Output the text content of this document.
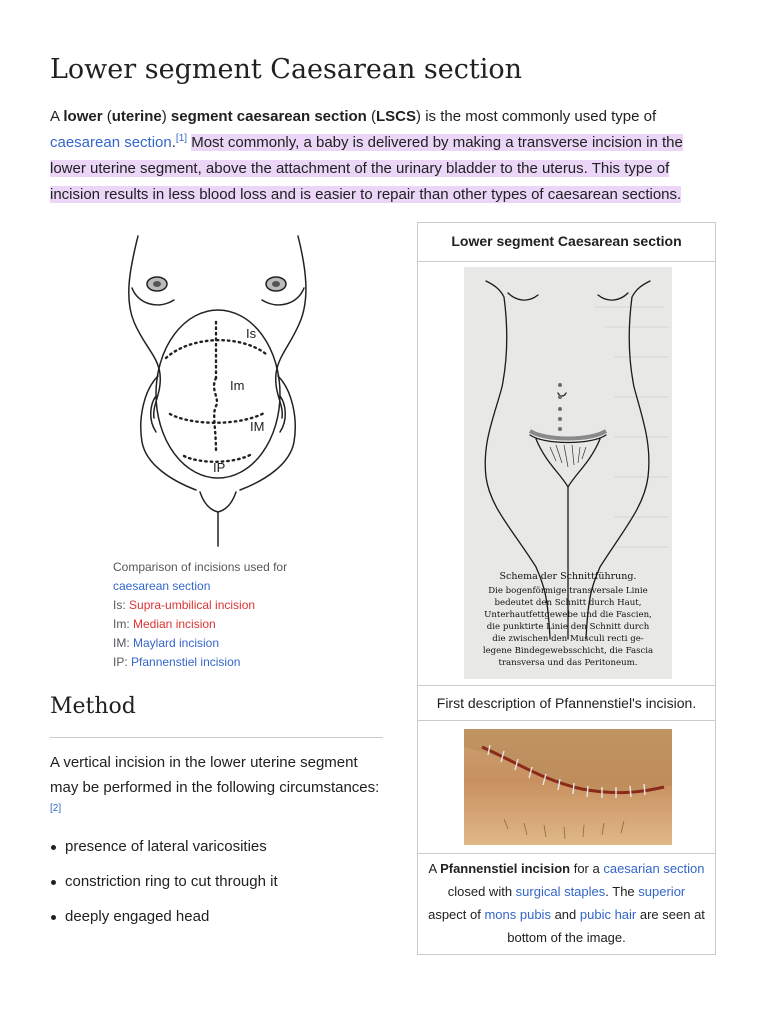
Lower segment Caesarean section

A lower (uterine) segment caesarean section (LSCS) is the most commonly used type of caesarean section.[1] Most commonly, a baby is delivered by making a transverse incision in the lower uterine segment, above the attachment of the urinary bladder to the uterus. This type of incision results in less blood loss and is easier to repair than other types of caesarean sections.

Is
Im
IM
IP
Comparison of incisions used for
caesarean section
Is: Supra-umbilical incision
Im: Median incision
IM: Maylard incision
IP: Pfannenstiel incision
Method

A vertical incision in the lower uterine segment may be performed in the following circumstances:[2]

presence of lateral varicosities
constriction ring to cut through it
deeply engaged head
Lower segment Caesarean section
Schema der Schnittführung.
Die bogenförmige transversale Linie
bedeutet den Schnitt durch Haut,
Unterhautfettgewebe und die Fascien,
die punktirte Linie den Schnitt durch
die zwischen den Musculi recti ge-
legene Bindegewebsschicht, die Fascia
transversa und das Peritoneum.
First description of Pfannenstiel's incision.
A Pfannenstiel incision for a caesarian section closed with surgical staples. The superior aspect of mons pubis and pubic hair are seen at bottom of the image.
